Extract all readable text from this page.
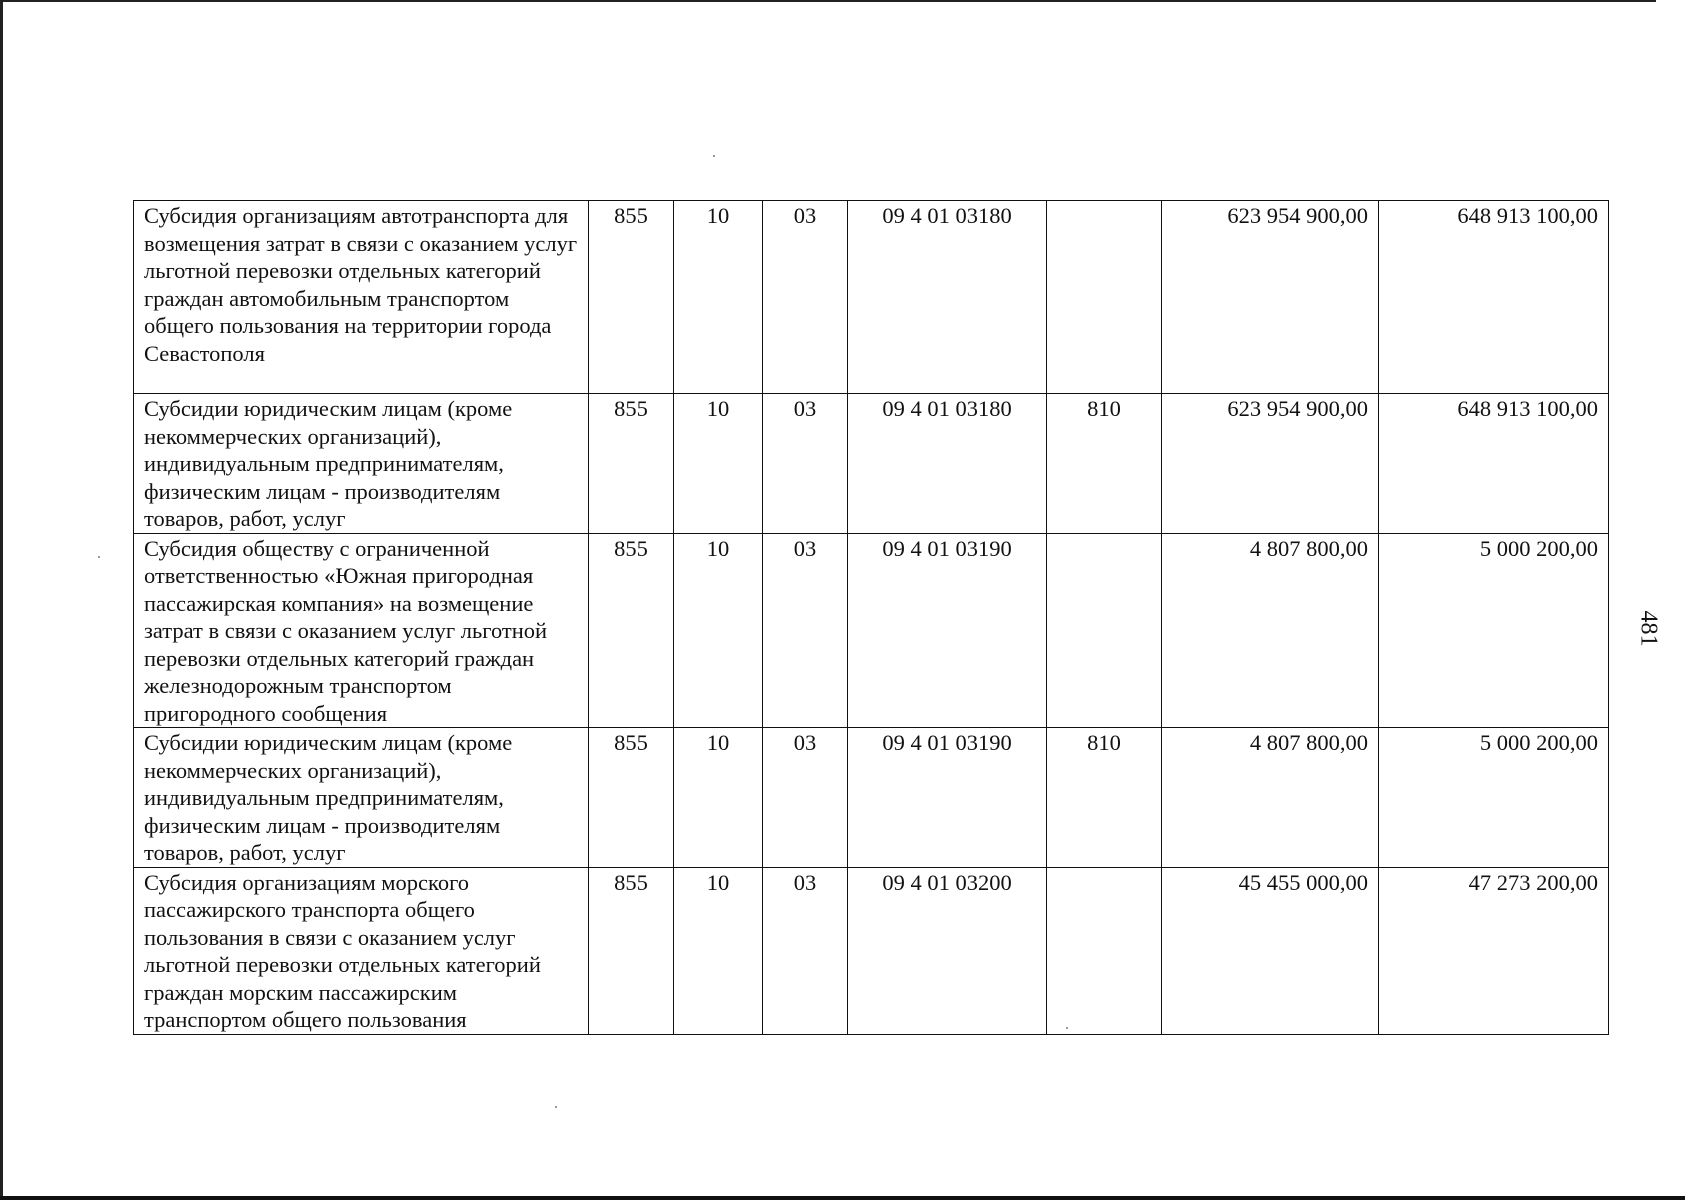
Субсидия организациям автотранспорта для возмещения затрат в связи с оказанием услуг льготной перевозки отдельных категорий граждан автомобильным транспортом общего пользования на территории города Севастополя	855	10	03	09 4 01 03180		623 954 900,00	648 913 100,00
Субсидии юридическим лицам (кроме некоммерческих организаций), индивидуальным предпринимателям, физическим лицам - производителям товаров, работ, услуг	855	10	03	09 4 01 03180	810	623 954 900,00	648 913 100,00
Субсидия обществу с ограниченной ответственностью «Южная пригородная пассажирская компания» на возмещение затрат в связи с оказанием услуг льготной перевозки отдельных категорий граждан железнодорожным транспортом пригородного сообщения	855	10	03	09 4 01 03190		4 807 800,00	5 000 200,00
Субсидии юридическим лицам (кроме некоммерческих организаций), индивидуальным предпринимателям, физическим лицам - производителям товаров, работ, услуг	855	10	03	09 4 01 03190	810	4 807 800,00	5 000 200,00
Субсидия организациям морского пассажирского транспорта общего пользования в связи с оказанием услуг льготной перевозки отдельных категорий граждан морским пассажирским транспортом общего пользования	855	10	03	09 4 01 03200		45 455 000,00	47 273 200,00
481
